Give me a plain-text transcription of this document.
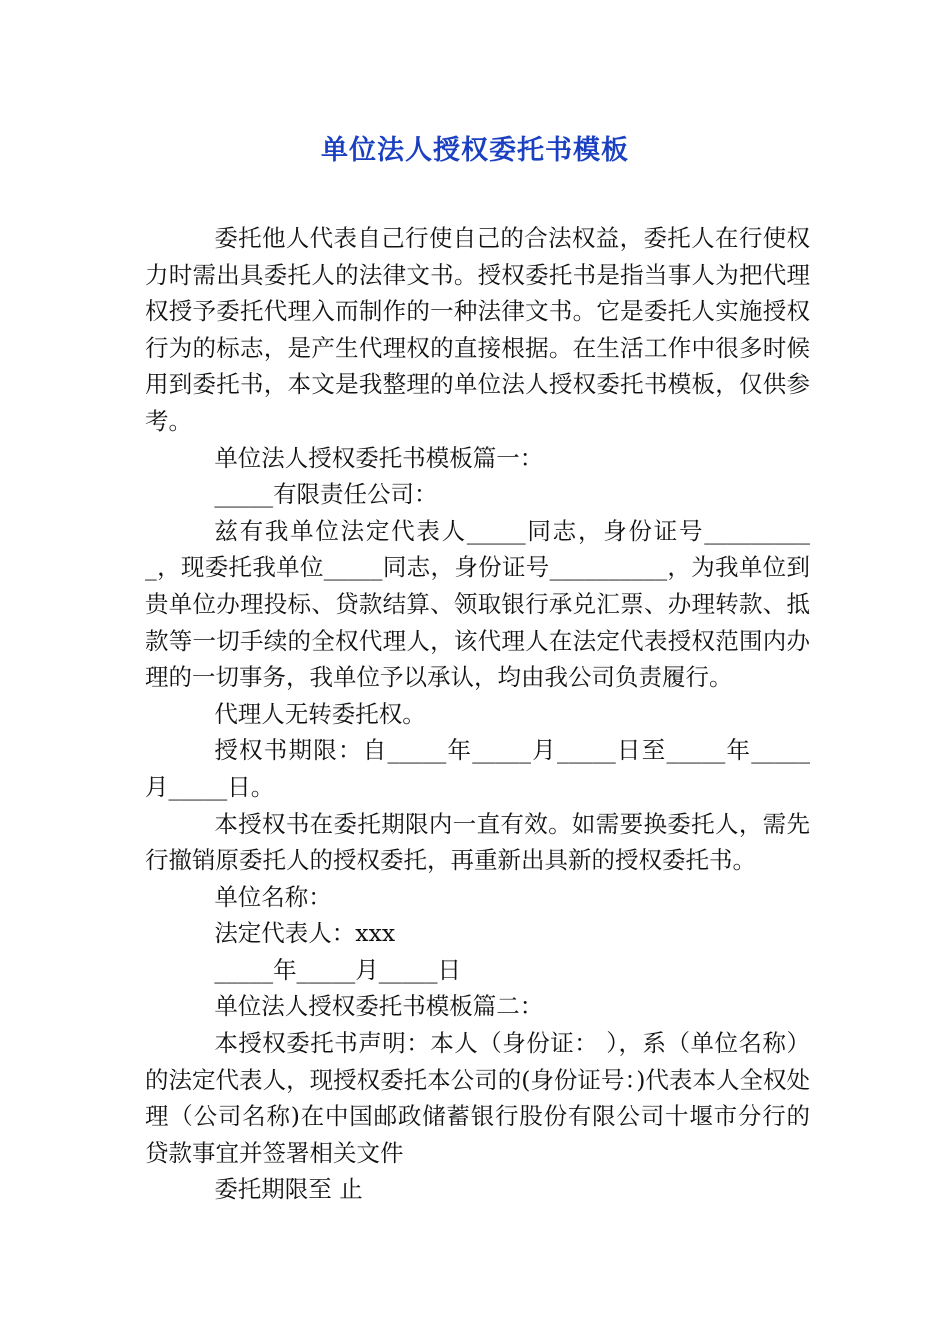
单位法人授权委托书模板

委托他人代表自己行使自己的合法权益，委托人在行使权力时需出具委托人的法律文书。授权委托书是指当事人为把代理权授予委托代理入而制作的一种法律文书。它是委托人实施授权行为的标志，是产生代理权的直接根据。在生活工作中很多时候用到委托书，本文是我整理的单位法人授权委托书模板，仅供参考。

单位法人授权委托书模板篇一：

_____有限责任公司：

兹有我单位法定代表人_____同志，身份证号__________，现委托我单位_____同志，身份证号__________，为我单位到贵单位办理投标、贷款结算、领取银行承兑汇票、办理转款、抵款等一切手续的全权代理人，该代理人在法定代表授权范围内办理的一切事务，我单位予以承认，均由我公司负责履行。

代理人无转委托权。

授权书期限：自_____年_____月_____日至_____年_____月_____日。

本授权书在委托期限内一直有效。如需要换委托人，需先行撤销原委托人的授权委托，再重新出具新的授权委托书。

单位名称：

法定代表人：xxx

_____年_____月_____日

单位法人授权委托书模板篇二：

本授权委托书声明：本人（身份证： ），系（单位名称）的法定代表人，现授权委托本公司的(身份证号：)代表本人全权处理（公司名称)在中国邮政储蓄银行股份有限公司十堰市分行的贷款事宜并签署相关文件

委托期限至 止
